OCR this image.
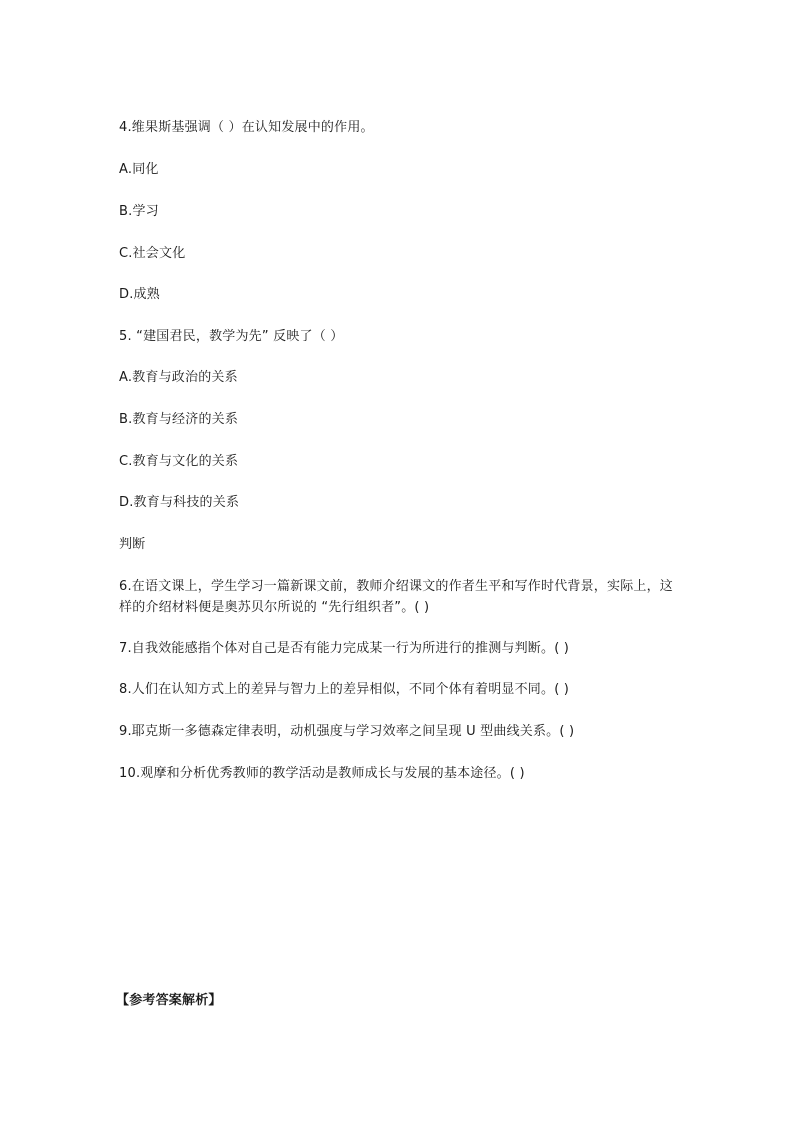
4.维果斯基强调（ ）在认知发展中的作用。
A.同化
B.学习
C.社会文化
D.成熟
5. “建国君民，教学为先” 反映了（ ）
A.教育与政治的关系
B.教育与经济的关系
C.教育与文化的关系
D.教育与科技的关系
判断
6.在语文课上，学生学习一篇新课文前，教师介绍课文的作者生平和写作时代背景，实际上，这样的介绍材料便是奥苏贝尔所说的 “先行组织者”。( )
7.自我效能感指个体对自己是否有能力完成某一行为所进行的推测与判断。( )
8.人们在认知方式上的差异与智力上的差异相似，不同个体有着明显不同。( )
9.耶克斯一多德森定律表明，动机强度与学习效率之间呈现 U 型曲线关系。( )
10.观摩和分析优秀教师的教学活动是教师成长与发展的基本途径。( )
【参考答案解析】
